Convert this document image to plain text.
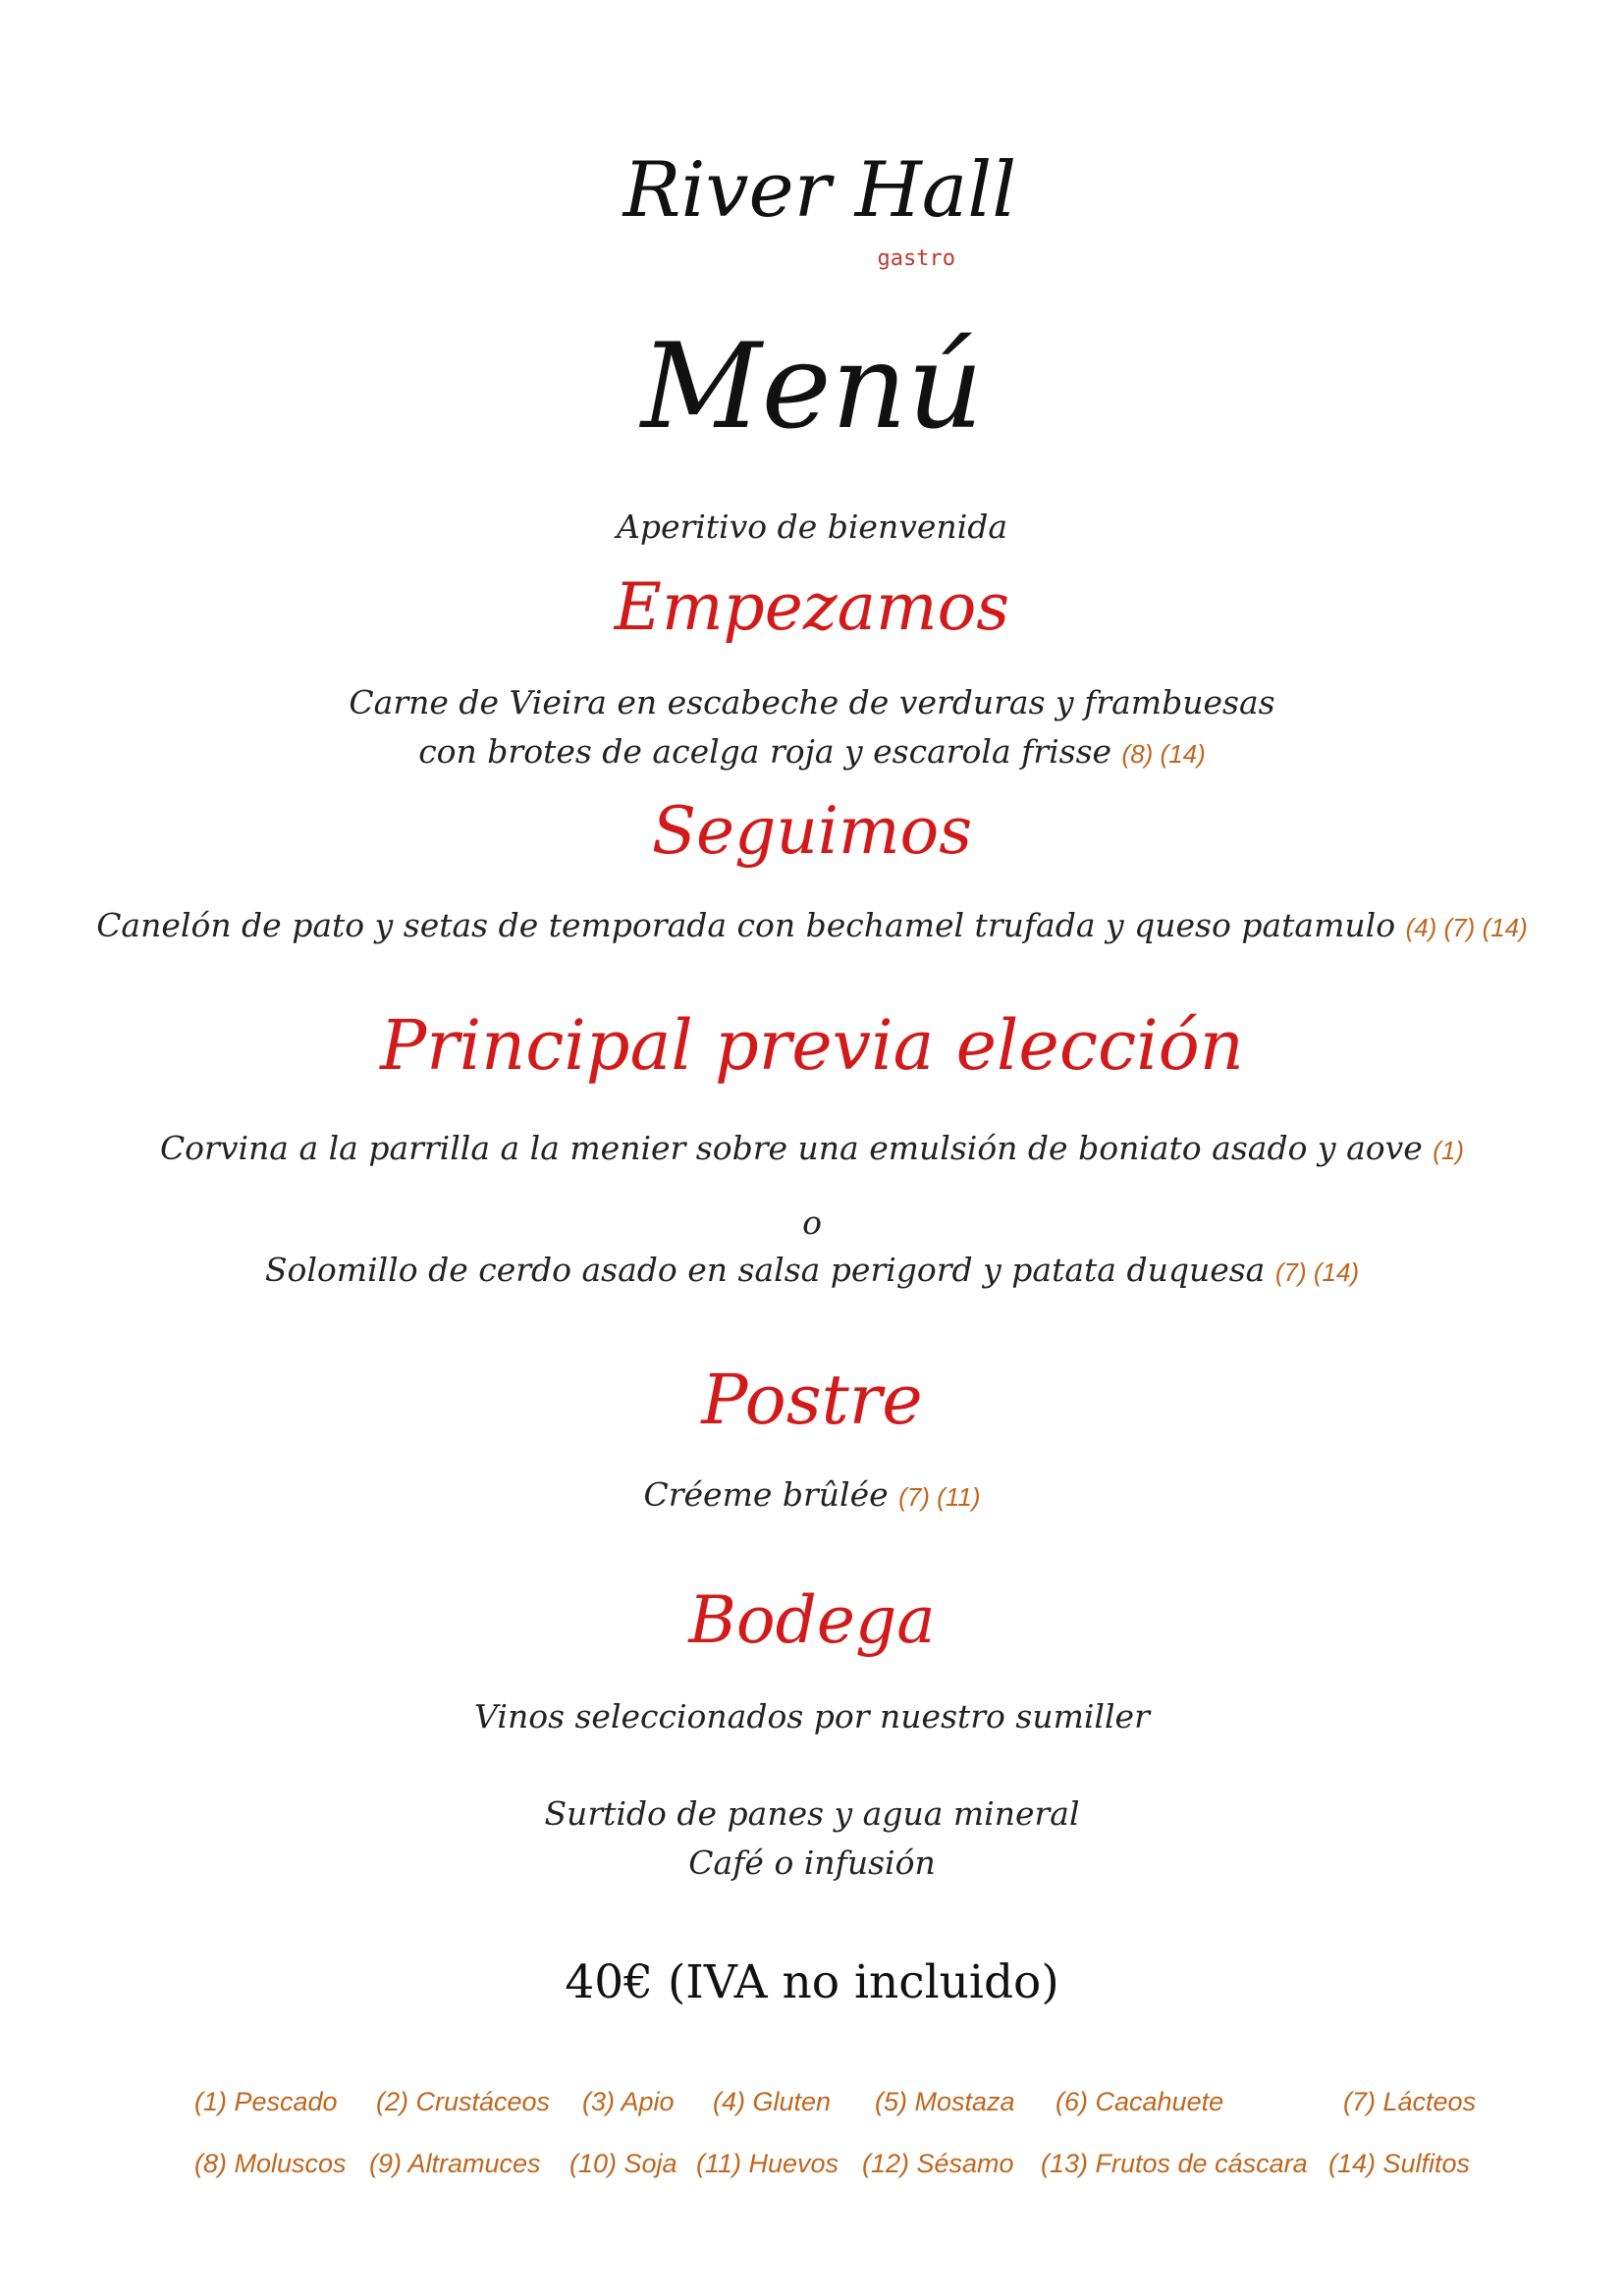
River Hall
gastro
Menú
Aperitivo de bienvenida
Empezamos
Carne de Vieira en escabeche de verduras y frambuesas
con brotes de acelga roja y escarola frisse (8) (14)
Seguimos
Canelón de pato y setas de temporada con bechamel trufada y queso patamulo (4) (7) (14)
Principal previa elección
Corvina a la parrilla a la menier sobre una emulsión de boniato asado y aove (1)
o
Solomillo de cerdo asado en salsa perigord y patata duquesa (7) (14)
Postre
Créeme brûlée (7) (11)
Bodega
Vinos seleccionados por nuestro sumiller
Surtido de panes y agua mineral
Café o infusión
40€ (IVA no incluido)
(1) Pescado (2) Crustáceos (3) Apio (4) Gluten (5) Mostaza (6) Cacahuete	(7) Lácteos
(8) Moluscos (9) Altramuces (10) Soja (11) Huevos (12) Sésamo (13) Frutos de cáscara (14) Sulfitos
